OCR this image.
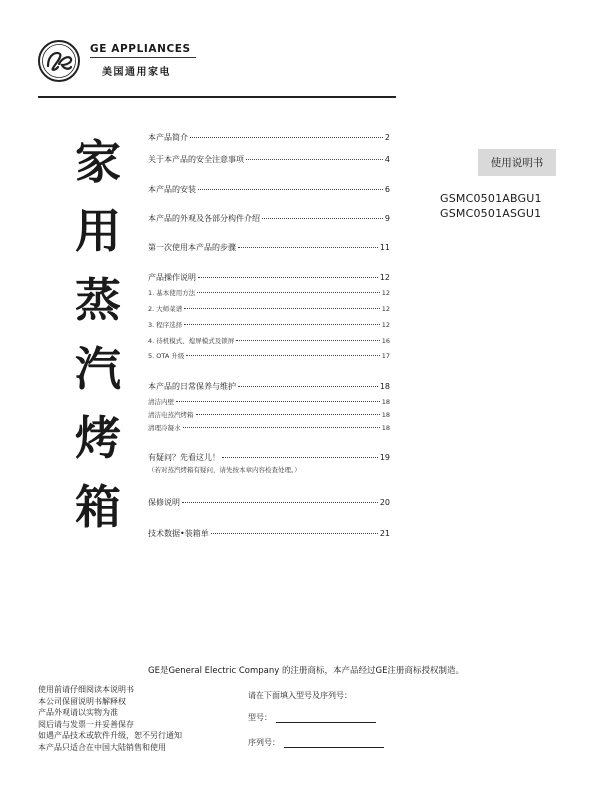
GE APPLIANCES
美国通用家电
家
用
蒸
汽
烤
箱
本产品简介	2
关于本产品的安全注意事项	4
本产品的安装	6
本产品的外观及各部分构件介绍	9
第一次使用本产品的步骤	11
产品操作说明	12
1. 基本使用方法	12
2. 大师菜谱	12
3. 程序选择	12
4. 待机模式、熄屏模式及锁屏	16
5. OTA 升级	17
本产品的日常保养与维护	18
清洁内壁	18
清洁电蒸汽烤箱	18
清理冷凝水	18
有疑问？先看这儿！	19
（若对蒸汽烤箱有疑问，请先按本章内容检查处理。）
保修说明	20
技术数据•装箱单	21
使用说明书
GSMC0501ABGU1
GSMC0501ASGU1
GE是General Electric Company 的注册商标，本产品经过GE注册商标授权制造。
使用前请仔细阅读本说明书
本公司保留说明书解释权
产品外观请以实物为准
阅后请与发票一并妥善保存
如遇产品技术或软件升级，恕不另行通知
本产品只适合在中国大陆销售和使用
请在下面填入型号及序列号：
型号：
序列号：
